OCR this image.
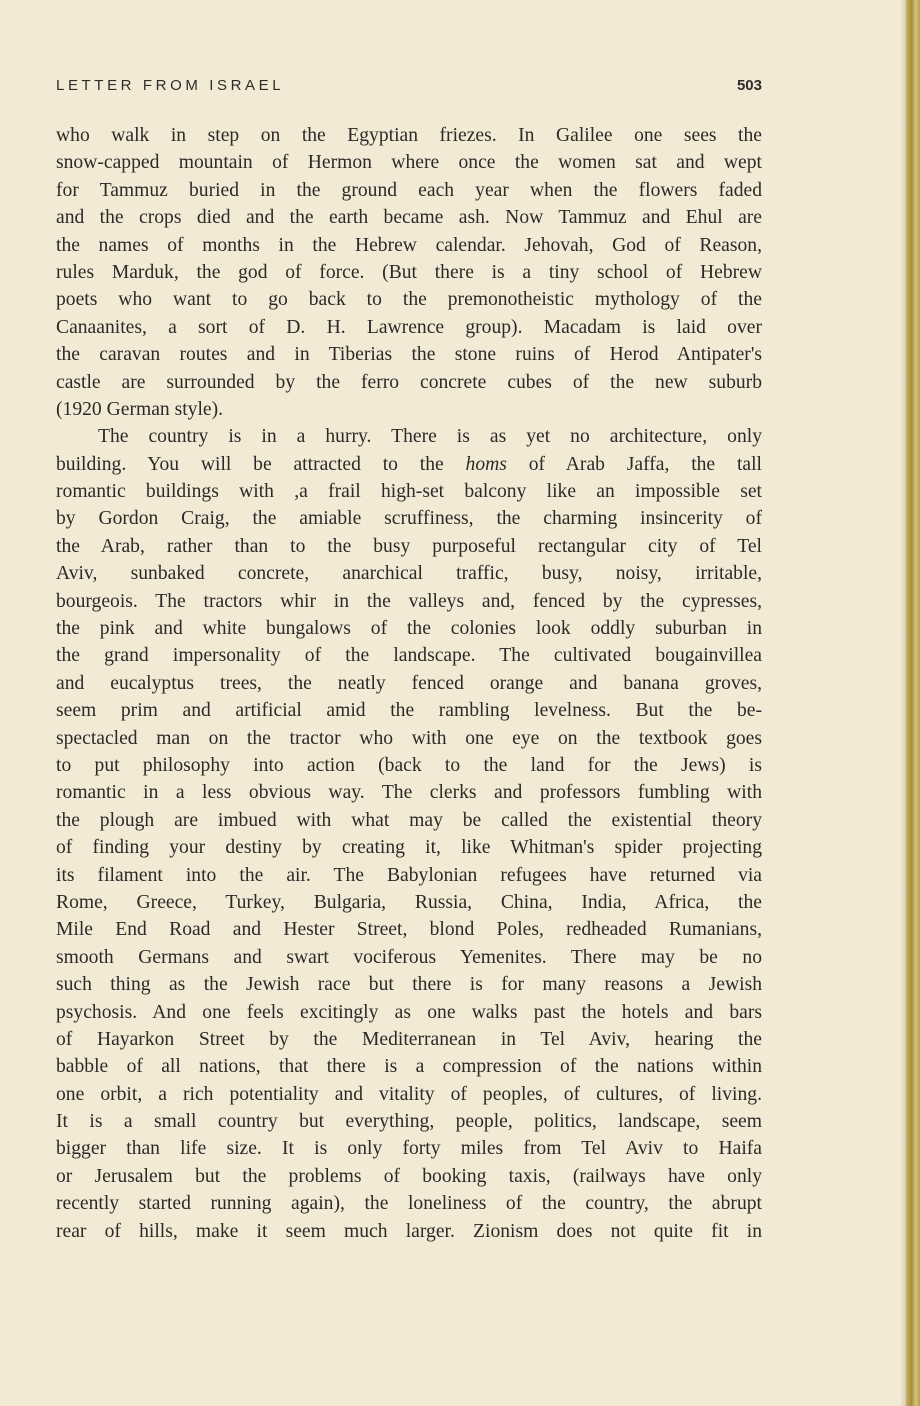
LETTER FROM ISRAEL	503
who walk in step on the Egyptian friezes. In Galilee one sees the
snow-capped mountain of Hermon where once the women sat and wept
for Tammuz buried in the ground each year when the flowers faded
and the crops died and the earth became ash. Now Tammuz and Ehul are
the names of months in the Hebrew calendar. Jehovah, God of Reason,
rules Marduk, the god of force. (But there is a tiny school of Hebrew
poets who want to go back to the premonotheistic mythology of the
Canaanites, a sort of D. H. Lawrence group). Macadam is laid over
the caravan routes and in Tiberias the stone ruins of Herod Antipater's
castle are surrounded by the ferro concrete cubes of the new suburb
(1920 German style).
The country is in a hurry. There is as yet no architecture, only
building. You will be attracted to the homs of Arab Jaffa, the tall
romantic buildings with ,a frail high-set balcony like an impossible set
by Gordon Craig, the amiable scruffiness, the charming insincerity of
the Arab, rather than to the busy purposeful rectangular city of Tel
Aviv, sunbaked concrete, anarchical traffic, busy, noisy, irritable,
bourgeois. The tractors whir in the valleys and, fenced by the cypresses,
the pink and white bungalows of the colonies look oddly suburban in
the grand impersonality of the landscape. The cultivated bougainvillea
and eucalyptus trees, the neatly fenced orange and banana groves,
seem prim and artificial amid the rambling levelness. But the be-
spectacled man on the tractor who with one eye on the textbook goes
to put philosophy into action (back to the land for the Jews) is
romantic in a less obvious way. The clerks and professors fumbling with
the plough are imbued with what may be called the existential theory
of finding your destiny by creating it, like Whitman's spider projecting
its filament into the air. The Babylonian refugees have returned via
Rome, Greece, Turkey, Bulgaria, Russia, China, India, Africa, the
Mile End Road and Hester Street, blond Poles, redheaded Rumanians,
smooth Germans and swart vociferous Yemenites. There may be no
such thing as the Jewish race but there is for many reasons a Jewish
psychosis. And one feels excitingly as one walks past the hotels and bars
of Hayarkon Street by the Mediterranean in Tel Aviv, hearing the
babble of all nations, that there is a compression of the nations within
one orbit, a rich potentiality and vitality of peoples, of cultures, of living.
It is a small country but everything, people, politics, landscape, seem
bigger than life size. It is only forty miles from Tel Aviv to Haifa
or Jerusalem but the problems of booking taxis, (railways have only
recently started running again), the loneliness of the country, the abrupt
rear of hills, make it seem much larger. Zionism does not quite fit in
